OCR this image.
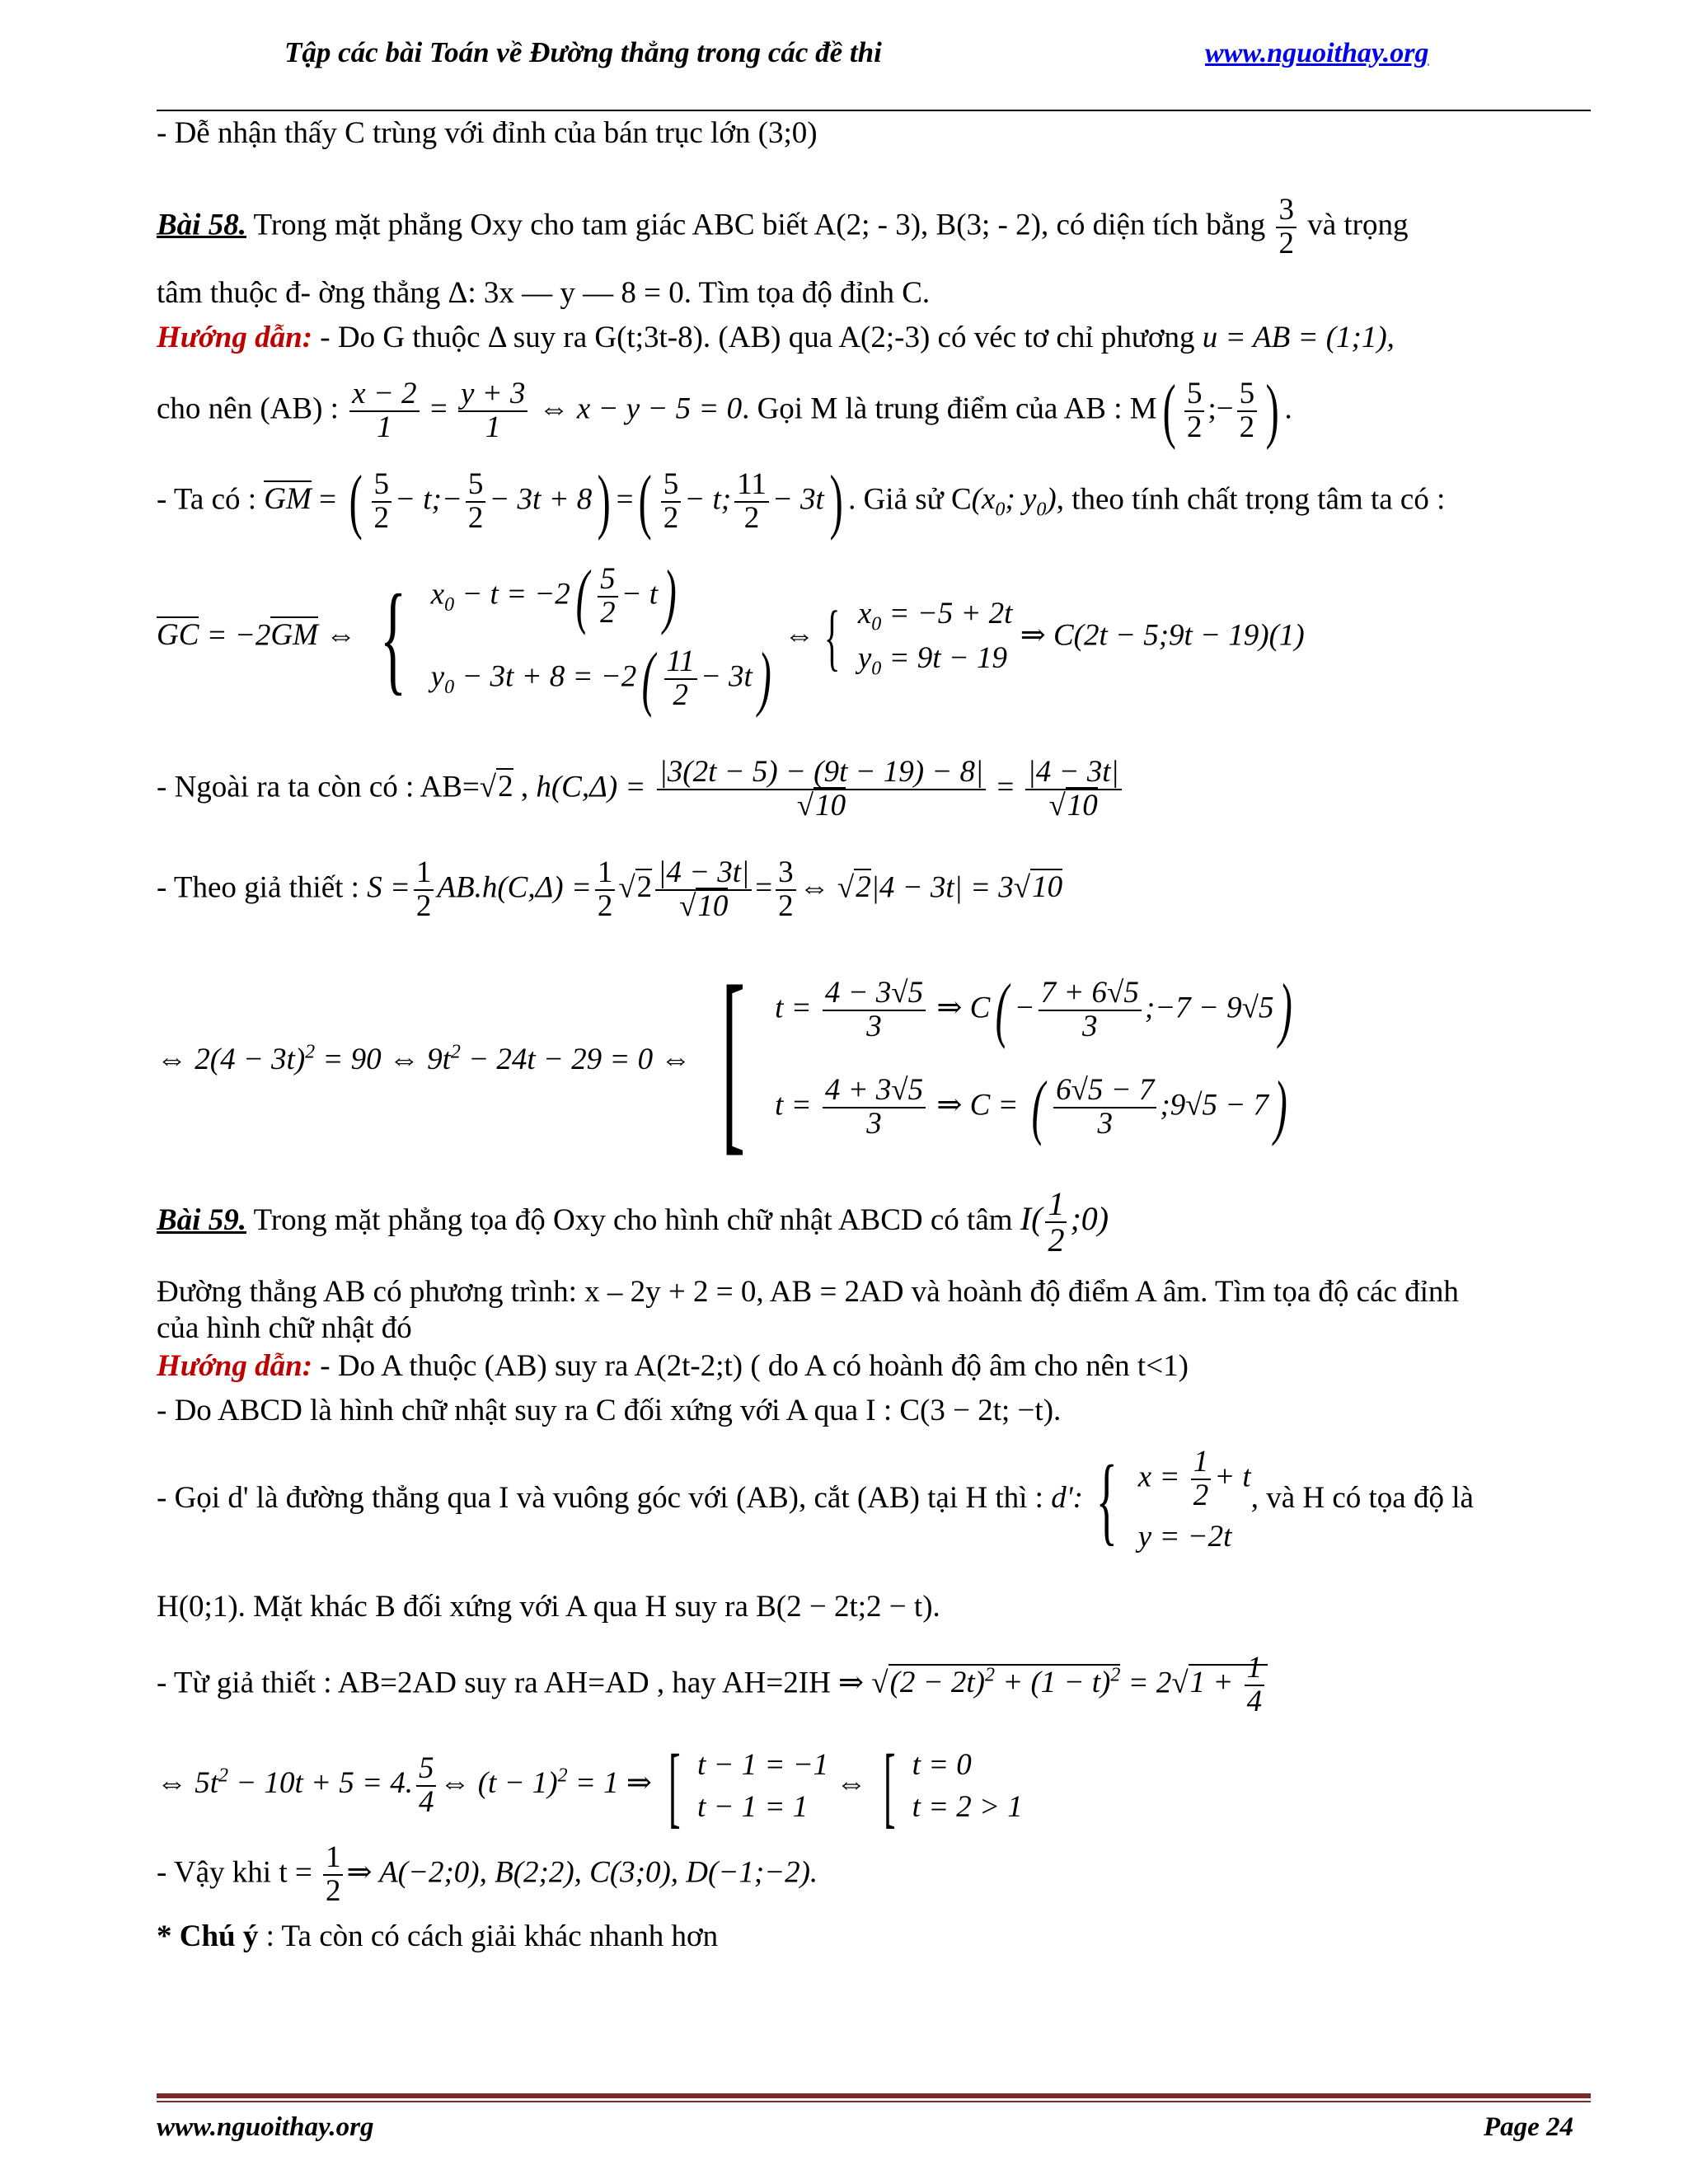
Tập các bài Toán về Đường thẳng trong các đề thi	www.nguoithay.org
- Dễ nhận thấy C trùng với đỉnh của bán trục lớn (3;0)
Bài 58. Trong mặt phẳng Oxy cho tam giác ABC biết A(2; - 3), B(3; - 2), có diện tích bằng $\frac{3}{2}$ và trọng
tâm thuộc đ- ờng thẳng Δ: 3x — y — 8 = 0. Tìm tọa độ đỉnh C.
Hướng dẫn: - Do G thuộc Δ suy ra G(t;3t-8). (AB) qua A(2;-3) có véc tơ chỉ phương u = AB = (1;1),
cho nên (AB) : $\frac{x - 2}{1} = \frac{y + 3}{1}$ ⇔ x − y − 5 = 0. Gọi M là trung điểm của AB : $M( \frac{5}{2}$ ;− $\frac{5}{2}$ ) .
- Ta có : GM = ( $\frac{5}{2}$ − t;− $\frac{5}{2} - 3t + 8$) =( $\frac{5}{2} - t$; $\frac{11}{2} - 3t$) . Giả sử $C(x_0$; $y_0$), theo tính chất trọng tâm ta có :
GC = −2GM ⇔ { $x_0 - t = -2( \frac{5}{2} - t)$
$y_0 - 3t + 8 = -2( \frac{11}{2} - 3t)$
⇔ { $x_0 = -5 + 2t$
$y_0 = 9t - 19$
⇒ C(2t − 5;9t − 19)(1)
- Ngoài ra ta còn có : AB=√2 , $h(C,\Delta) = \frac{|3(2t - 5) - (9t - 19) - 8|}{√10} = \frac{|4 - 3t|}{√10}$
- Theo giả thiết : $S = \frac{1}{2} AB.h(C,\Delta) = \frac{1}{2} √2 \frac{|4 - 3t|}{√10} = \frac{3}{2}$ ⇔ √2|4 − 3t| = 3√10
⇔ $2(4 - 3t)^2 = 90$ ⇔ $9t^2 - 24t - 29 = 0$ ⇔ [ $t = \frac{4 - 3√5}{3}$ ⇒ $C( - \frac{7 + 6√5}{3}$ ;−7 − 9√5)
$t = \frac{4 + 3√5}{3}$ ⇒ C = ( $\frac{6√5 - 7}{3}$ ;9√5 − 7)
Bài 59. Trong mặt phẳng tọa độ Oxy cho hình chữ nhật ABCD có tâm $I( \frac{1}{2}$ ;0)
Đường thẳng AB có phương trình: x – 2y + 2 = 0, AB = 2AD và hoành độ điểm A âm. Tìm tọa độ các đỉnh
của hình chữ nhật đó
Hướng dẫn: - Do A thuộc (AB) suy ra A(2t-2;t) ( do A có hoành độ âm cho nên t<1)
- Do ABCD là hình chữ nhật suy ra C đối xứng với A qua I : C(3 − 2t; −t).
- Gọi d' là đường thẳng qua I và vuông góc với (AB), cắt (AB) tại H thì : d': { $x = \frac{1}{2} + t$
y = −2t
, và H có tọa độ là
H(0;1). Mặt khác B đối xứng với A qua H suy ra B(2 − 2t;2 − t).
- Từ giả thiết : AB=2AD suy ra AH=AD , hay AH=2IH ⇒ $√(2 - 2t)^2 + (1 - t)^2 = 2√1 + \frac{1}{4}$
⇔ $5t^2 - 10t + 5 = 4$. $\frac{5}{4}$ ⇔ $(t - 1)^2 = 1$ ⇒ [ t − 1 = −1
t − 1 = 1
⇔ [ t = 0
t = 2 > 1
- Vậy khi $t = \frac{1}{2}$ ⇒ A(−2;0), B(2;2), C(3;0), D(−1;−2).
* Chú ý : Ta còn có cách giải khác nhanh hơn
www.nguoithay.org	Page 24
